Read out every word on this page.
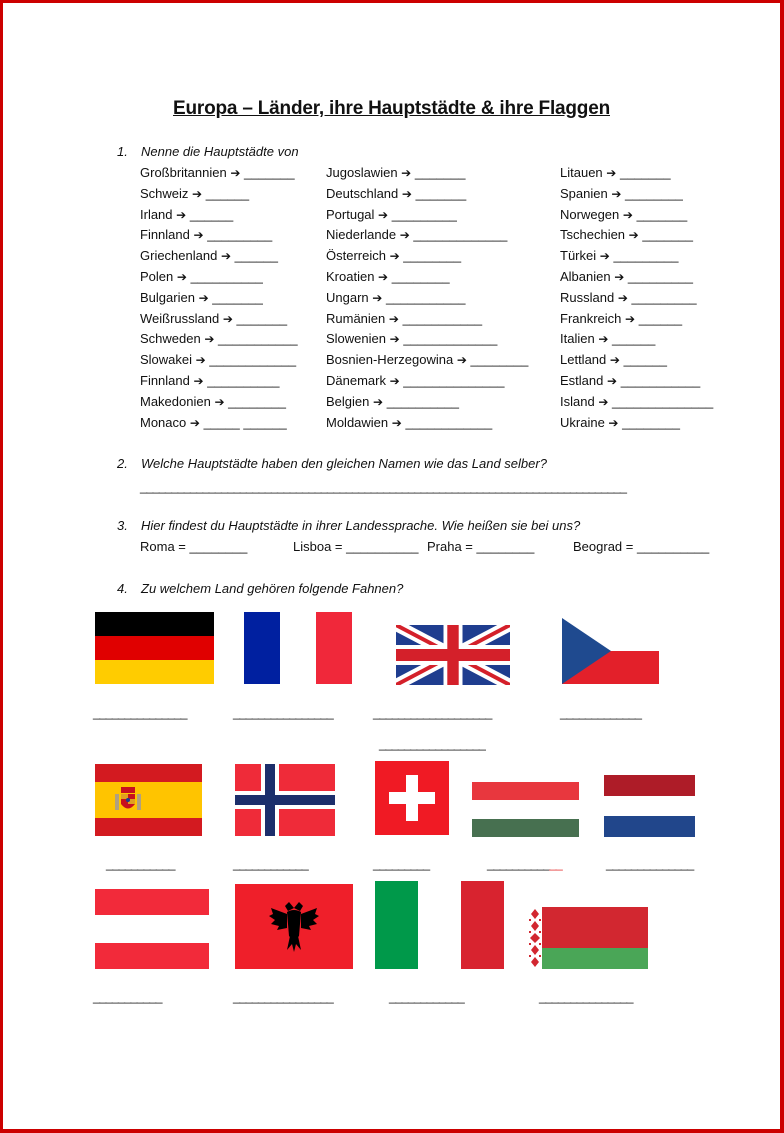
Europa – Länder, ihre Hauptstädte & ihre Flaggen
1. Nenne die Hauptstädte von
Großbritannien ➔ _______ Jugoslawien ➔ _______	Litauen ➔ _______
Schweiz ➔ ______	Deutschland ➔ _______	Spanien ➔ ________
Irland ➔ ______	Portugal ➔ _________	Norwegen ➔ _______
Finnland ➔ _________	Niederlande ➔ _____________	Tschechien ➔ _______
Griechenland ➔ ______	Österreich ➔ ________	Türkei ➔ _________
Polen ➔ __________	Kroatien ➔ ________	Albanien ➔ _________
Bulgarien ➔ _______	Ungarn ➔ ___________	Russland ➔ _________
Weißrussland ➔ _______	Rumänien ➔ ___________	Frankreich ➔ ______
Schweden ➔ ___________ Slowenien ➔ _____________	Italien ➔ ______
Slowakei ➔ ____________ Bosnien-Herzegowina ➔ ________ Lettland ➔ ______
Finnland ➔ __________	Dänemark ➔ ______________	Estland ➔ ___________
Makedonien ➔ ________	Belgien ➔ __________	Island ➔ ______________
Monaco ➔ _____ ______	Moldawien ➔ ____________	Ukraine ➔ ________
2. Welche Hauptstädte haben den gleichen Namen wie das Land selber?
______________________________________________________________________________
3. Hier findest du Hauptstädte in ihrer Landessprache. Wie heißen sie bei uns?
Roma = ________	Lisboa = __________ Praha = ________	Beograd = __________
4. Zu welchem Land gehören folgende Fahnen?
_______________	________________	___________________	_____________
_________________
___________	____________	_________	____________	______________
___________	________________	____________	_______________
